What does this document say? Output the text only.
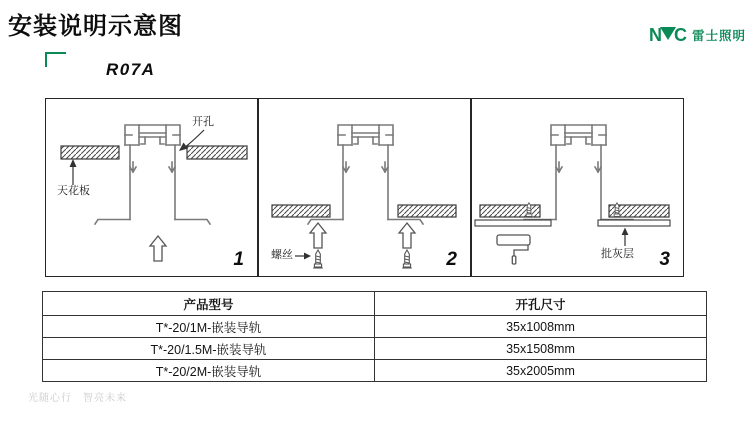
安装说明示意图	N C 雷士照明
R07A
开孔
天花板
1 螺丝	2	批灰层 3
产品型号	开孔尺寸
T*-20/1M-嵌装导轨	35x1008mm
T*-20/1.5M-嵌装导轨	35x1508mm
T*-20/2M-嵌装导轨	35x2005mm
光随心行　智亮未来
